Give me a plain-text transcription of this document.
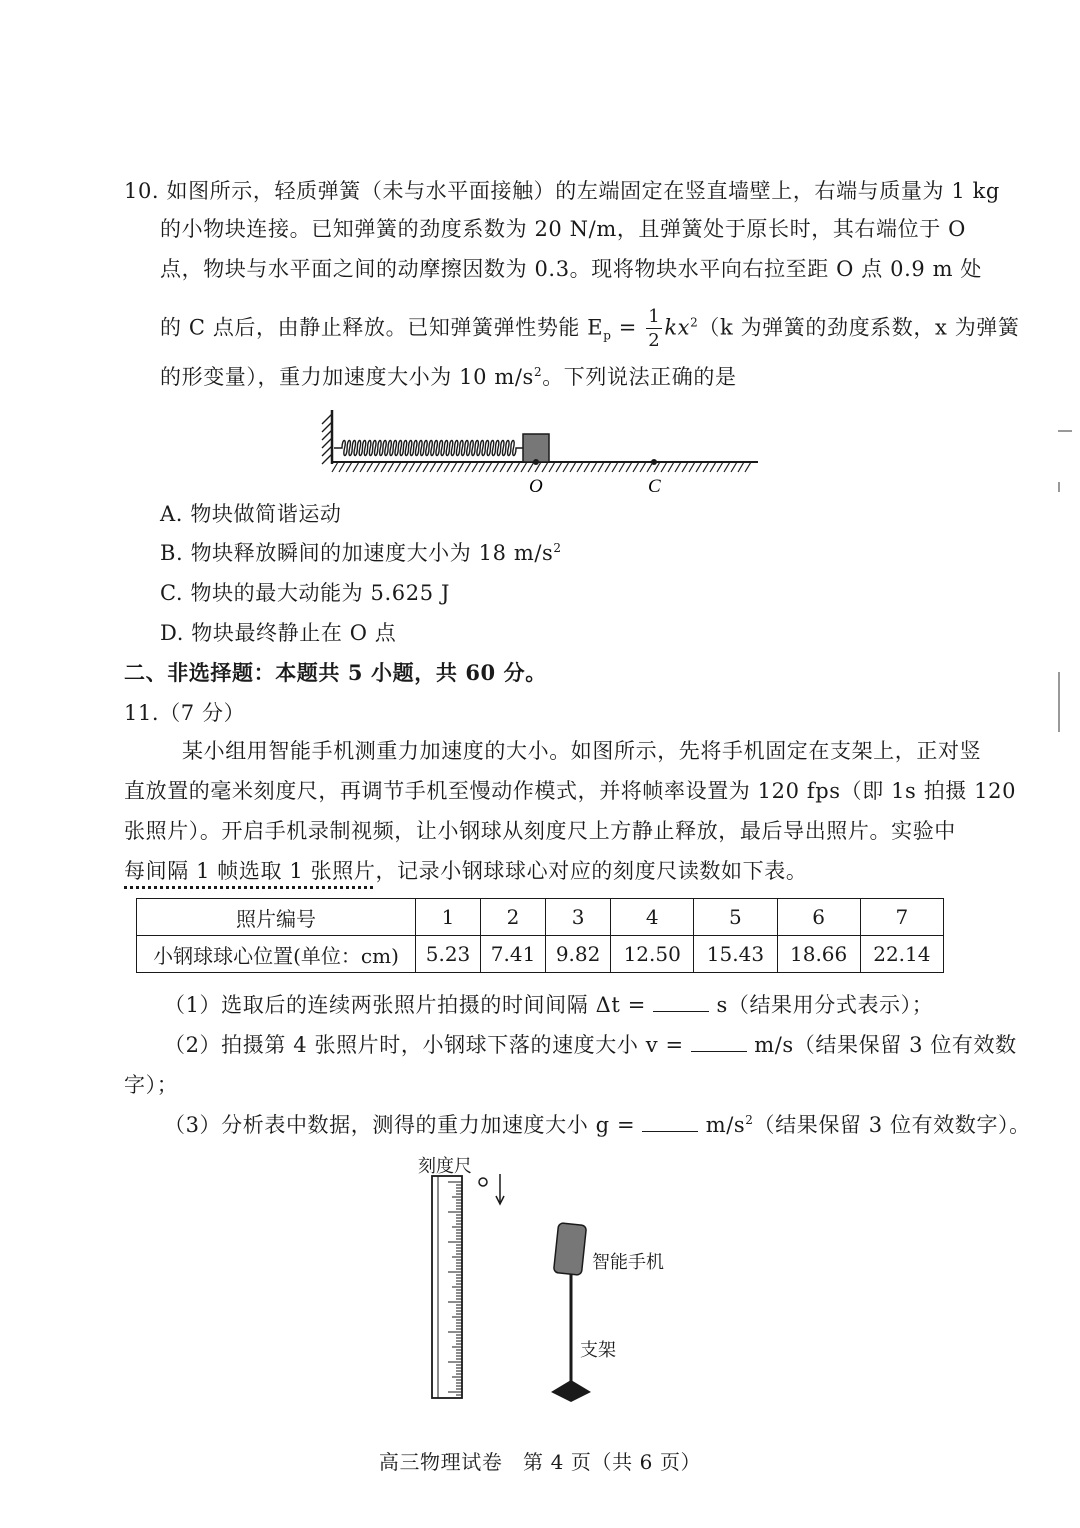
10. 如图所示，轻质弹簧（未与水平面接触）的左端固定在竖直墙壁上，右端与质量为 1 kg
的小物块连接。已知弹簧的劲度系数为 20 N/m，且弹簧处于原长时，其右端位于 O
点，物块与水平面之间的动摩擦因数为 0.3。现将物块水平向右拉至距 O 点 0.9 m 处
的 C 点后，由静止释放。已知弹簧弹性势能 $E_p = \frac{1}{2} kx^2(k$ 为弹簧的劲度系数，x 为弹簧
的形变量），重力加速度大小为 10 $m/s^2$。下列说法正确的是
O	C
A. 物块做简谐运动
B. 物块释放瞬间的加速度大小为 18 $m/s^2$
C. 物块的最大动能为 5.625 J
D. 物块最终静止在 O 点
二、非选择题：本题共 5 小题，共 60 分。
11.（7 分）
某小组用智能手机测重力加速度的大小。如图所示，先将手机固定在支架上，正对竖
直放置的毫米刻度尺，再调节手机至慢动作模式，并将帧率设置为 120 fps（即 1s 拍摄 120
张照片）。开启手机录制视频，让小钢球从刻度尺上方静止释放，最后导出照片。实验中
每间隔 1 帧选取 1 张照片，记录小钢球球心对应的刻度尺读数如下表。
照片编号	1	2	3	4	5	6	7
小钢球球心位置(单位：cm)	5.23	7.41	9.82	12.50	15.43	18.66	22.14
（1）选取后的连续两张照片拍摄的时间间隔 Δt =	s（结果用分式表示）；
（2）拍摄第 4 张照片时，小钢球下落的速度大小 v =	m/s（结果保留 3 位有效数
字）；
（3）分析表中数据，测得的重力加速度大小 g =	$m/s^2$（结果保留 3 位有效数字）。
刻度尺
智能手机
支架
高三物理试卷　第 4 页（共 6 页）
